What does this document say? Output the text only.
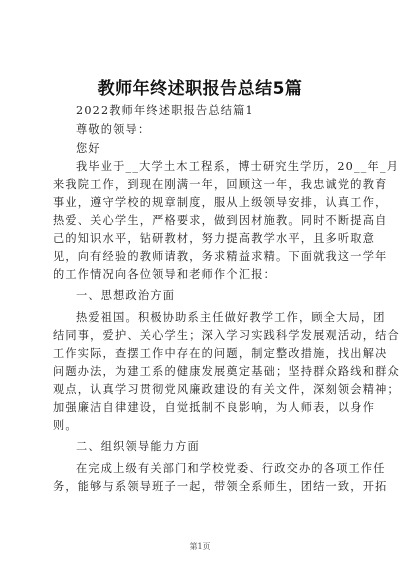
教师年终述职报告总结5篇
2022教师年终述职报告总结篇1
尊敬的领导：
您好
我毕业于__大学土木工程系，博士研究生学历，20__年_月
来我院工作，到现在刚满一年，回顾这一年，我忠诚党的教育
事业，遵守学校的规章制度，服从上级领导安排，认真工作，
热爱、关心学生，严格要求，做到因材施教。同时不断提高自
己的知识水平，钻研教材，努力提高教学水平，且多听取意
见，向有经验的教师请教，务求精益求精。下面就我这一学年
的工作情况向各位领导和老师作个汇报：
一、思想政治方面
热爱祖国。积极协助系主任做好教学工作，顾全大局，团
结同事，爱护、关心学生；深入学习实践科学发展观活动，结合
工作实际，查摆工作中存在的问题，制定整改措施，找出解决
问题办法，为建工系的健康发展奠定基础；坚持群众路线和群众
观点，认真学习贯彻党风廉政建设的有关文件，深刻领会精神；
加强廉洁自律建设，自觉抵制不良影响，为人师表，以身作
则。
二、组织领导能力方面
在完成上级有关部门和学校党委、行政交办的各项工作任
务，能够与系领导班子一起，带领全系师生，团结一致，开拓
第1页
